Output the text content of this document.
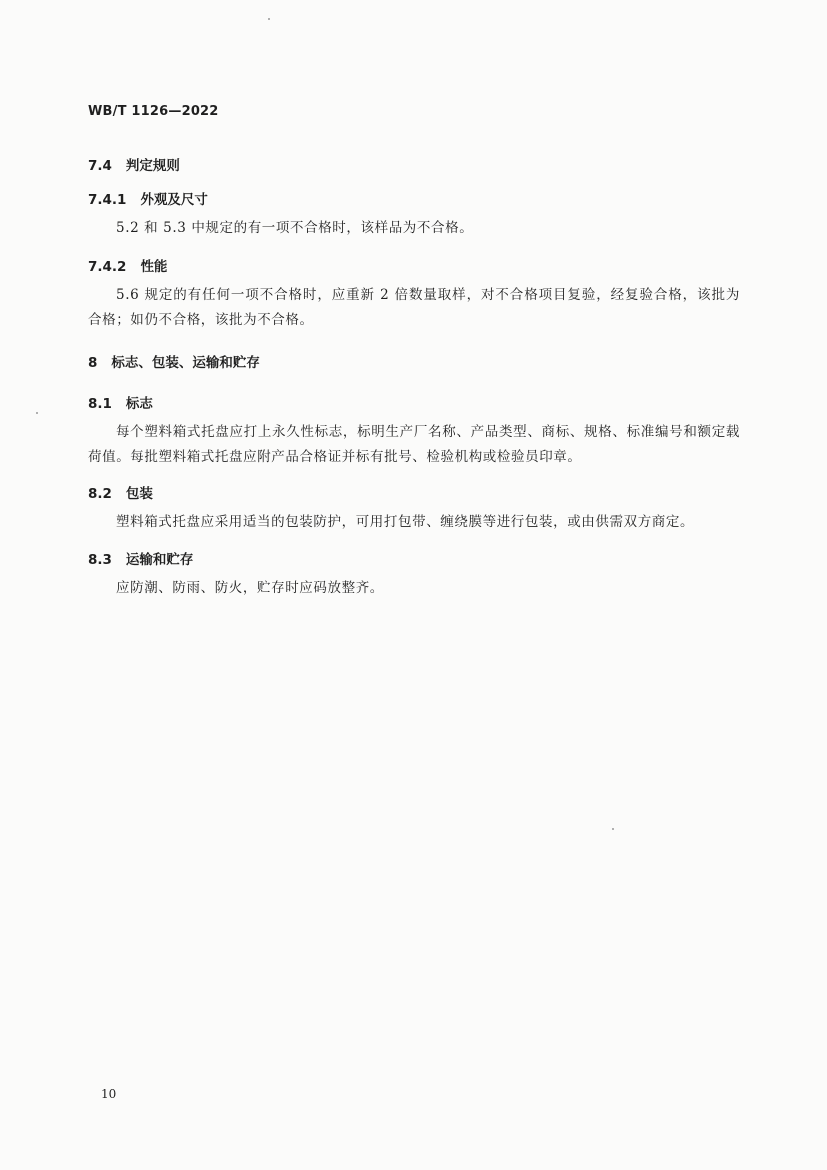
WB/T 1126—2022
7.4 判定规则
7.4.1 外观及尺寸
5.2 和 5.3 中规定的有一项不合格时，该样品为不合格。
7.4.2 性能
5.6 规定的有任何一项不合格时，应重新 2 倍数量取样，对不合格项目复验，经复验合格，该批为合格；如仍不合格，该批为不合格。
8 标志、包装、运输和贮存
8.1 标志
每个塑料箱式托盘应打上永久性标志，标明生产厂名称、产品类型、商标、规格、标准编号和额定载荷值。每批塑料箱式托盘应附产品合格证并标有批号、检验机构或检验员印章。
8.2 包装
塑料箱式托盘应采用适当的包装防护，可用打包带、缠绕膜等进行包装，或由供需双方商定。
8.3 运输和贮存
应防潮、防雨、防火，贮存时应码放整齐。
10
